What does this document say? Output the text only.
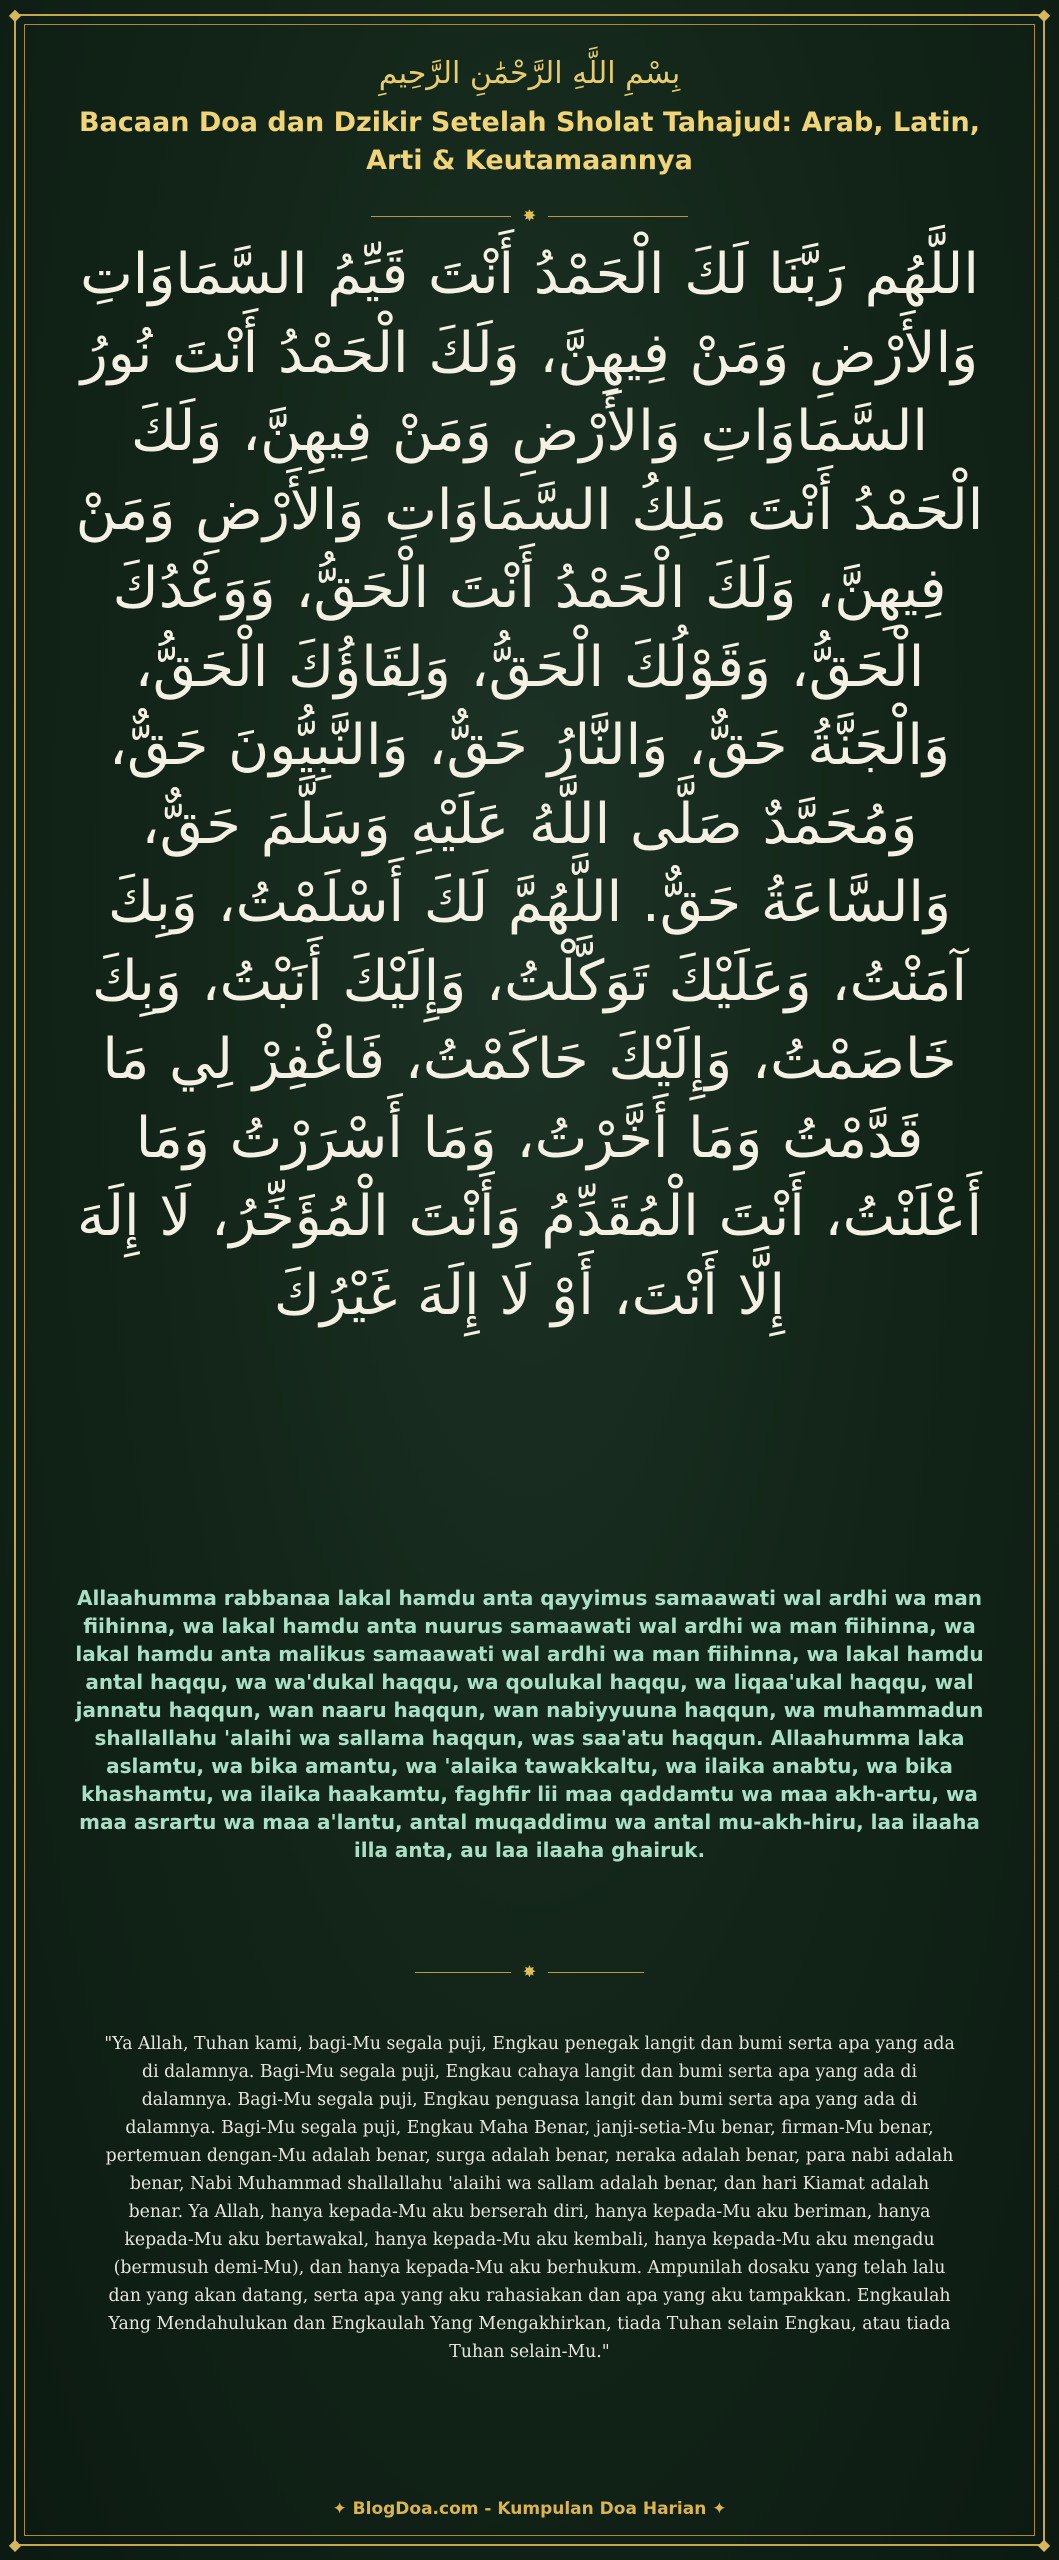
◆	◆
◆	◆
بِسْمِ اللَّهِ الرَّحْمَٰنِ الرَّحِيمِ
Bacaan Doa dan Dzikir Setelah Sholat Tahajud: Arab, Latin, Arti & Keutamaannya
✸
اللَّهُم رَبَّنَا لَكَ الْحَمْدُ أَنْتَ قَيِّمُ السَّمَاوَاتِ وَالأَرْضِ وَمَنْ فِيهِنَّ، وَلَكَ الْحَمْدُ أَنْتَ نُورُ السَّمَاوَاتِ وَالأَرْضِ وَمَنْ فِيهِنَّ، وَلَكَ الْحَمْدُ أَنْتَ مَلِكُ السَّمَاوَاتِ وَالأَرْضِ وَمَنْ فِيهِنَّ، وَلَكَ الْحَمْدُ أَنْتَ الْحَقُّ، وَوَعْدُكَ الْحَقُّ، وَقَوْلُكَ الْحَقُّ، وَلِقَاؤُكَ الْحَقُّ، وَالْجَنَّةُ حَقٌّ، وَالنَّارُ حَقٌّ، وَالنَّبِيُّونَ حَقٌّ، وَمُحَمَّدٌ صَلَّى اللَّهُ عَلَيْهِ وَسَلَّمَ حَقٌّ، وَالسَّاعَةُ حَقٌّ. اللَّهُمَّ لَكَ أَسْلَمْتُ، وَبِكَ آمَنْتُ، وَعَلَيْكَ تَوَكَّلْتُ، وَإِلَيْكَ أَنَبْتُ، وَبِكَ خَاصَمْتُ، وَإِلَيْكَ حَاكَمْتُ، فَاغْفِرْ لِي مَا قَدَّمْتُ وَمَا أَخَّرْتُ، وَمَا أَسْرَرْتُ وَمَا أَعْلَنْتُ، أَنْتَ الْمُقَدِّمُ وَأَنْتَ الْمُؤَخِّرُ، لَا إِلَهَ إِلَّا أَنْتَ، أَوْ لَا إِلَهَ غَيْرُكَ
Allaahumma rabbanaa lakal hamdu anta qayyimus samaawati wal ardhi wa man fiihinna, wa lakal hamdu anta nuurus samaawati wal ardhi wa man fiihinna, wa lakal hamdu anta malikus samaawati wal ardhi wa man fiihinna, wa lakal hamdu antal haqqu, wa wa'dukal haqqu, wa qoulukal haqqu, wa liqaa'ukal haqqu, wal jannatu haqqun, wan naaru haqqun, wan nabiyyuuna haqqun, wa muhammadun shallallahu 'alaihi wa sallama haqqun, was saa'atu haqqun. Allaahumma laka aslamtu, wa bika amantu, wa 'alaika tawakkaltu, wa ilaika anabtu, wa bika khashamtu, wa ilaika haakamtu, faghfir lii maa qaddamtu wa maa akh-artu, wa maa asrartu wa maa a'lantu, antal muqaddimu wa antal mu-akh-hiru, laa ilaaha illa anta, au laa ilaaha ghairuk.
✸
"Ya Allah, Tuhan kami, bagi-Mu segala puji, Engkau penegak langit dan bumi serta apa yang ada di dalamnya. Bagi-Mu segala puji, Engkau cahaya langit dan bumi serta apa yang ada di dalamnya. Bagi-Mu segala puji, Engkau penguasa langit dan bumi serta apa yang ada di dalamnya. Bagi-Mu segala puji, Engkau Maha Benar, janji-setia-Mu benar, firman-Mu benar, pertemuan dengan-Mu adalah benar, surga adalah benar, neraka adalah benar, para nabi adalah benar, Nabi Muhammad shallallahu 'alaihi wa sallam adalah benar, dan hari Kiamat adalah benar. Ya Allah, hanya kepada-Mu aku berserah diri, hanya kepada-Mu aku beriman, hanya kepada-Mu aku bertawakal, hanya kepada-Mu aku kembali, hanya kepada-Mu aku mengadu (bermusuh demi-Mu), dan hanya kepada-Mu aku berhukum. Ampunilah dosaku yang telah lalu dan yang akan datang, serta apa yang aku rahasiakan dan apa yang aku tampakkan. Engkaulah Yang Mendahulukan dan Engkaulah Yang Mengakhirkan, tiada Tuhan selain Engkau, atau tiada Tuhan selain-Mu."
✦ BlogDoa.com - Kumpulan Doa Harian ✦
